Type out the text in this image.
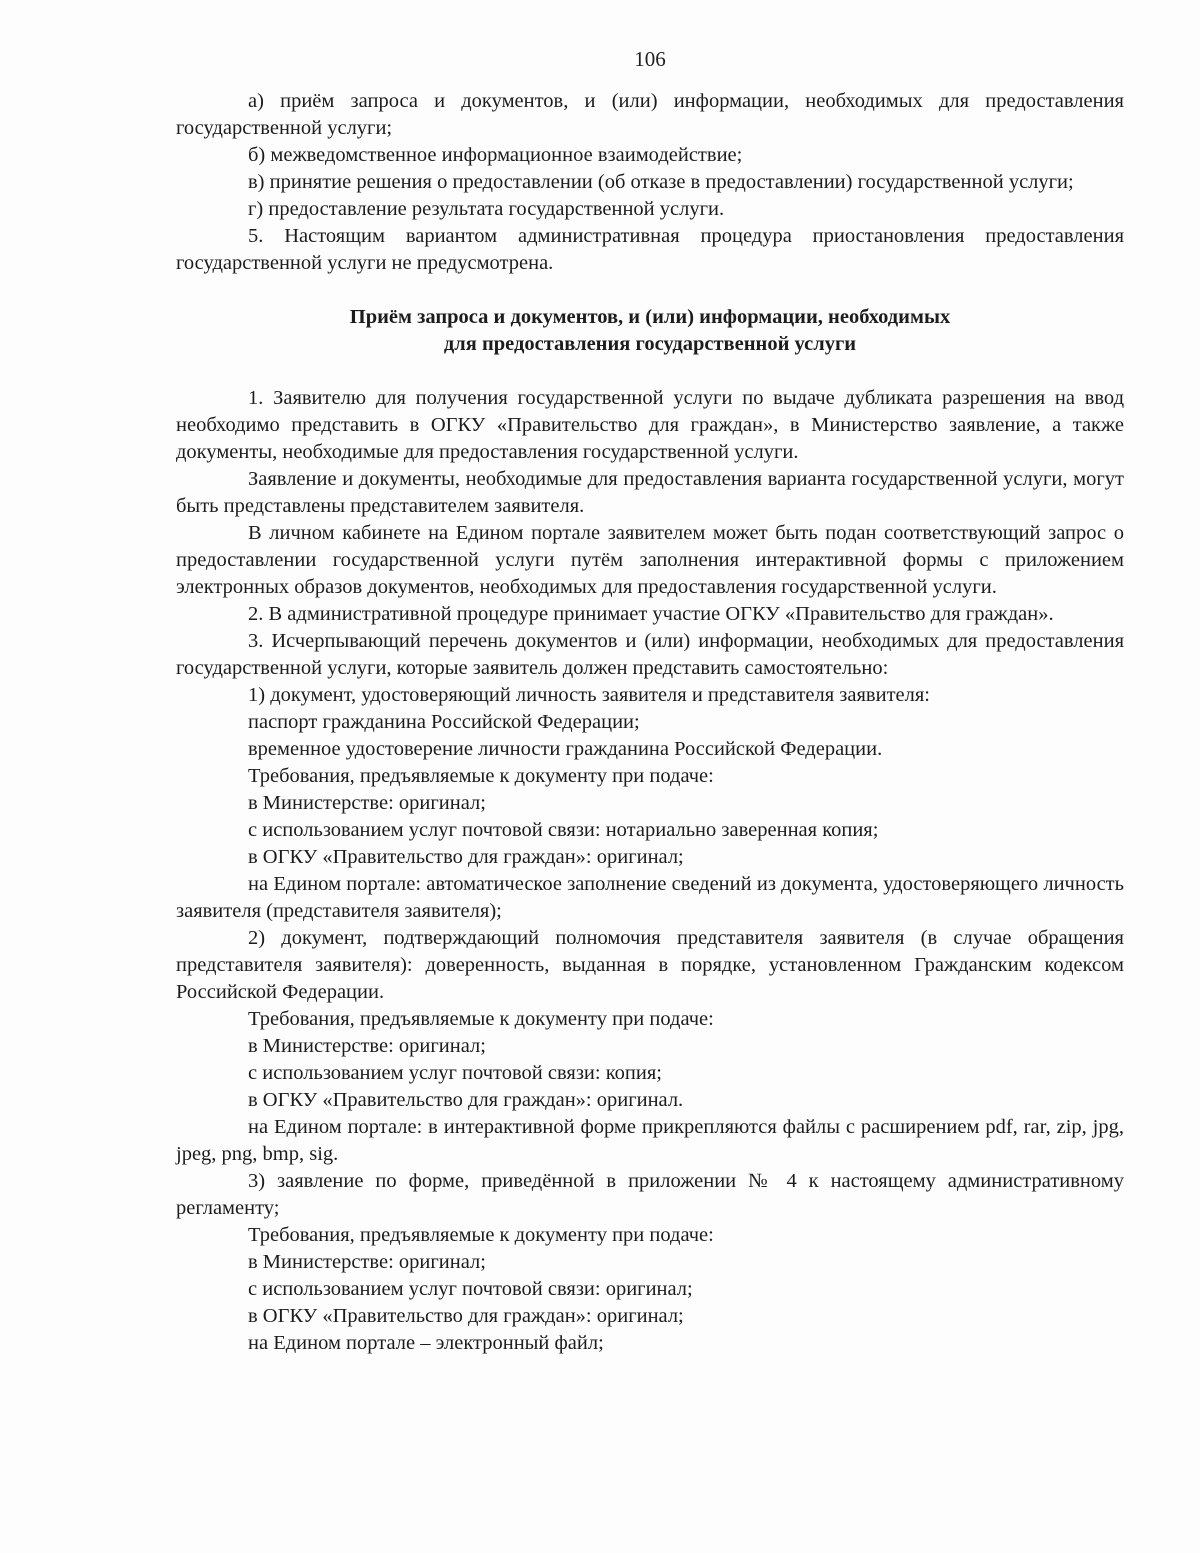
106

а) приём запроса и документов, и (или) информации, необходимых для предоставления государственной услуги;

б) межведомственное информационное взаимодействие;

в) принятие решения о предоставлении (об отказе в предоставлении) государственной услуги;

г) предоставление результата государственной услуги.

5. Настоящим вариантом административная процедура приостановления предоставления государственной услуги не предусмотрена.

Приём запроса и документов, и (или) информации, необходимых
для предоставления государственной услуги

1. Заявителю для получения государственной услуги по выдаче дубликата разрешения на ввод необходимо представить в ОГКУ «Правительство для граждан», в Министерство заявление, а также документы, необходимые для предоставления государственной услуги.

Заявление и документы, необходимые для предоставления варианта государственной услуги, могут быть представлены представителем заявителя.

В личном кабинете на Едином портале заявителем может быть подан соответствующий запрос о предоставлении государственной услуги путём заполнения интерактивной формы с приложением электронных образов документов, необходимых для предоставления государственной услуги.

2. В административной процедуре принимает участие ОГКУ «Правительство для граждан».

3. Исчерпывающий перечень документов и (или) информации, необходимых для предоставления государственной услуги, которые заявитель должен представить самостоятельно:

1) документ, удостоверяющий личность заявителя и представителя заявителя:

паспорт гражданина Российской Федерации;

временное удостоверение личности гражданина Российской Федерации.

Требования, предъявляемые к документу при подаче:

в Министерстве: оригинал;

с использованием услуг почтовой связи: нотариально заверенная копия;

в ОГКУ «Правительство для граждан»: оригинал;

на Едином портале: автоматическое заполнение сведений из документа, удостоверяющего личность заявителя (представителя заявителя);

2) документ, подтверждающий полномочия представителя заявителя (в случае обращения представителя заявителя): доверенность, выданная в порядке, установленном Гражданским кодексом Российской Федерации.

Требования, предъявляемые к документу при подаче:

в Министерстве: оригинал;

с использованием услуг почтовой связи: копия;

в ОГКУ «Правительство для граждан»: оригинал.

на Едином портале: в интерактивной форме прикрепляются файлы с расширением pdf, rar, zip, jpg, jpeg, png, bmp, sig.

3) заявление по форме, приведённой в приложении № 4 к настоящему административному регламенту;

Требования, предъявляемые к документу при подаче:

в Министерстве: оригинал;

с использованием услуг почтовой связи: оригинал;

в ОГКУ «Правительство для граждан»: оригинал;

на Едином портале – электронный файл;
